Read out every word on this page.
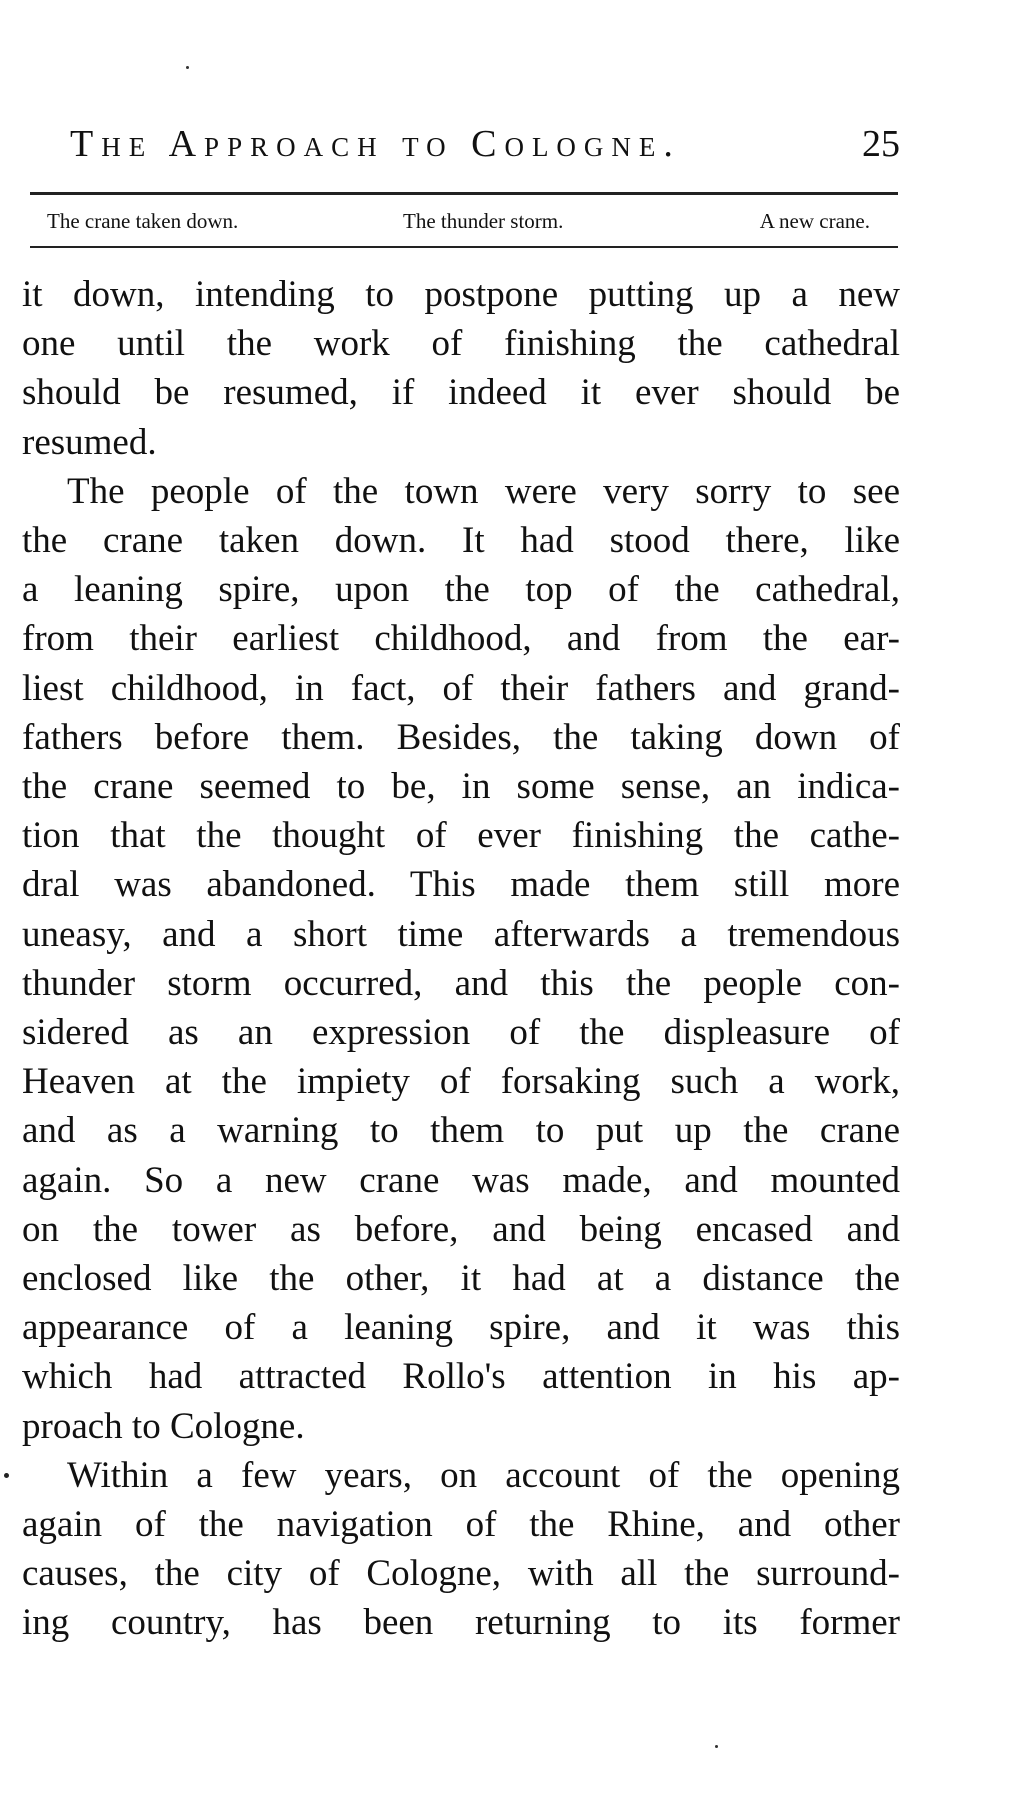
The Approach to Cologne.	25
The crane taken down.	The thunder storm.	A new crane.

it down, intending to postpone putting up a new

one until the work of finishing the cathedral

should be resumed, if indeed it ever should be

resumed.

The people of the town were very sorry to see

the crane taken down. It had stood there, like

a leaning spire, upon the top of the cathedral,

from their earliest childhood, and from the ear-

liest childhood, in fact, of their fathers and grand-

fathers before them. Besides, the taking down of

the crane seemed to be, in some sense, an indica-

tion that the thought of ever finishing the cathe-

dral was abandoned. This made them still more

uneasy, and a short time afterwards a tremendous

thunder storm occurred, and this the people con-

sidered as an expression of the displeasure of

Heaven at the impiety of forsaking such a work,

and as a warning to them to put up the crane

again. So a new crane was made, and mounted

on the tower as before, and being encased and

enclosed like the other, it had at a distance the

appearance of a leaning spire, and it was this

which had attracted Rollo's attention in his ap-

proach to Cologne.

Within a few years, on account of the opening

again of the navigation of the Rhine, and other

causes, the city of Cologne, with all the surround-

ing country, has been returning to its former
